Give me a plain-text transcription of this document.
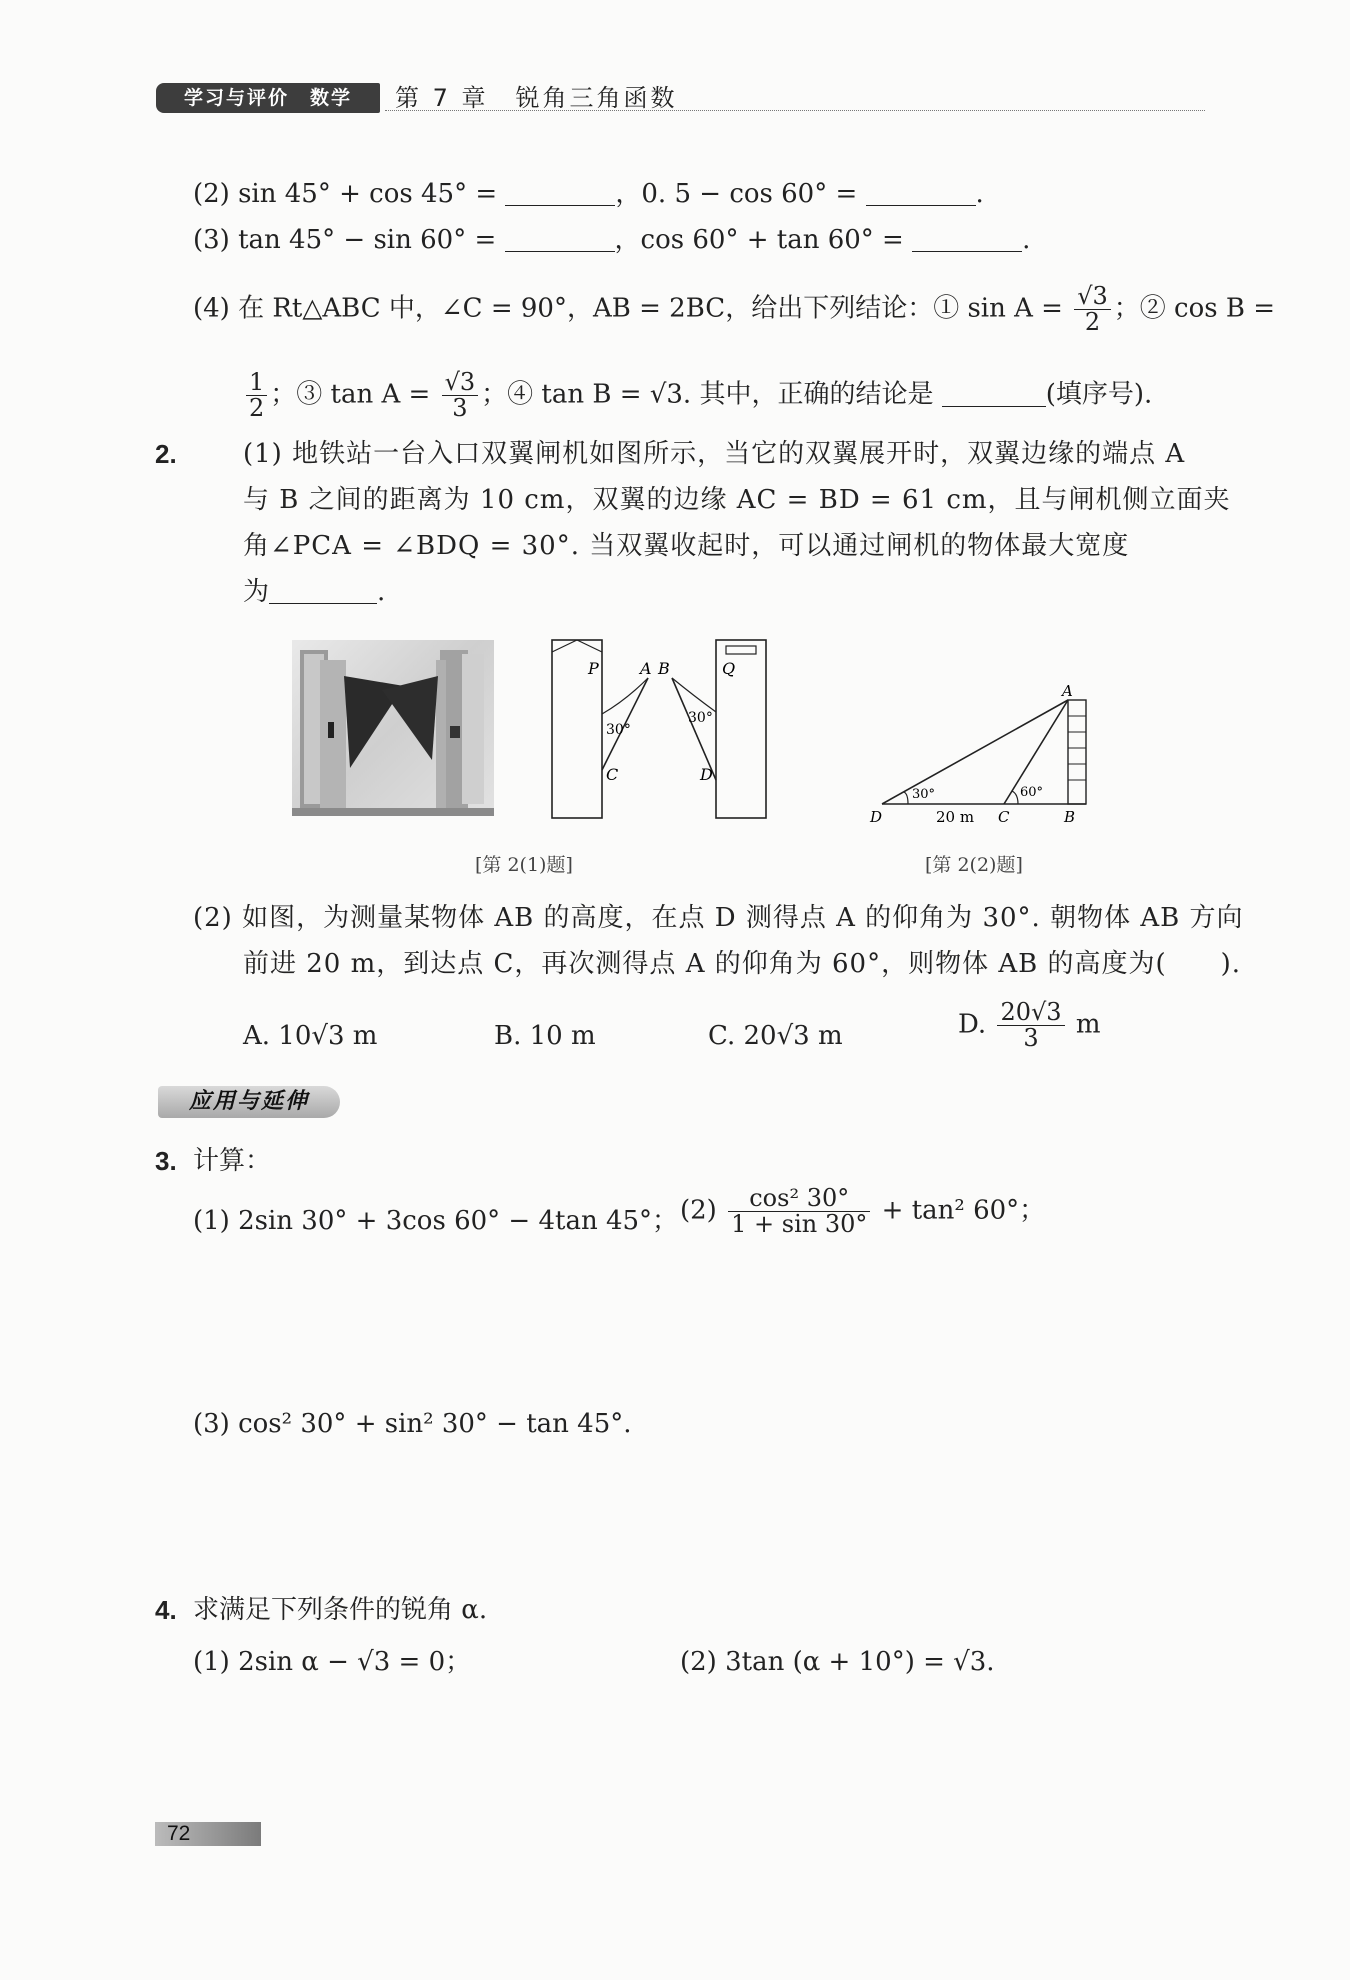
学习与评价　数学	第 7 章　锐角三角函数
(2) sin 45° + cos 45° =	，0. 5 − cos 60° =	.
(3) tan 45° − sin 60° =	，cos 60° + tan 60° =	.
(4) 在 Rt△ABC 中，∠C = 90°，AB = 2BC，给出下列结论：① $\sin A = \frac{√3}{2}$ ；② cos B =
$\frac{1}{2}$ ；③ $\tan A = \frac{√3}{3}$ ；④ tan B = √3. 其中，正确的结论是	(填序号).
2.	(1) 地铁站一台入口双翼闸机如图所示，当它的双翼展开时，双翼边缘的端点 A
与 B 之间的距离为 10 cm，双翼的边缘 AC = BD = 61 cm，且与闸机侧立面夹
角∠PCA = ∠BDQ = 30°. 当双翼收起时，可以通过闸机的物体最大宽度
为	.
P	A B	Q
C	D
30°
30°
[第 2(1)题]
A
D	C	B
20 m
30°	60°
[第 2(2)题]
(2) 如图，为测量某物体 AB 的高度，在点 D 测得点 A 的仰角为 30°. 朝物体 AB 方向
前进 20 m，到达点 C，再次测得点 A 的仰角为 60°，则物体 AB 的高度为(　　).
A. 10√3 m	B. 10 m	C. 20√3 m	D. $\frac{20√3}{3}$ m
应用与延伸
3. 计算：
(1) 2sin 30° + 3cos 60° − 4tan 45°； $(2) \frac{\text{cos² 30°}}{1 + \sin 30^\circ} + \tan^2$ 60°；
(3) cos² 30° + sin² 30° − tan 45°.
4. 求满足下列条件的锐角 α.
(1) 2sin α − √3 = 0；	(2) 3tan (α + 10°) = √3.
72
